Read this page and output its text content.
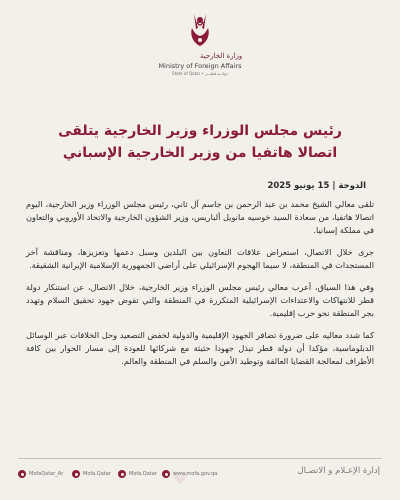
وزارة الخارجية
Ministry of Foreign Affairs
State of Qatar • دولـــة قطـــر
رئيس مجلس الوزراء وزير الخارجية يتلقى اتصالا هاتفيا من وزير الخارجية الإسباني
الدوحة | 15 يونيو 2025

تلقى معالي الشيخ محمد بن عبد الرحمن بن جاسم آل ثاني، رئيس مجلس الوزراء وزير الخارجية، اليوم اتصالا هاتفيا، من سعادة السيد خوسيه مانويل ألباريس، وزير الشؤون الخارجية والاتحاد الأوروبي والتعاون في مملكة إسبانيا.

جرى خلال الاتصال، استعراض علاقات التعاون بين البلدين وسبل دعمها وتعزيزها، ومناقشة آخر المستجدات في المنطقة، لا سيما الهجوم الإسرائيلي على أراضي الجمهورية الإسلامية الإيرانية الشقيقة.

وفي هذا السياق، أعرب معالي رئيس مجلس الوزراء وزير الخارجية، خلال الاتصال، عن استنكار دولة قطر للانتهاكات والاعتداءات الإسرائيلية المتكررة في المنطقة والتي تقوض جهود تحقيق السلام وتهدد بجر المنطقة نحو حرب إقليمية.

كما شدد معاليه على ضرورة تضافر الجهود الإقليمية والدولية لخفض التصعيد وحل الخلافات عبر الوسائل الدبلوماسية، مؤكدا أن دولة قطر تبذل جهودا حثيثة مع شركائها للعودة إلى مسار الحوار بين كافة الأطراف لمعالجة القضايا العالقة وتوطيد الأمن والسلم في المنطقة والعالم.

MofaQatar_Ar	Mofa.Qatar	Mofa.Qatar	www.mofa.gov.qa	إدارة الإعـلام و الاتصـال
